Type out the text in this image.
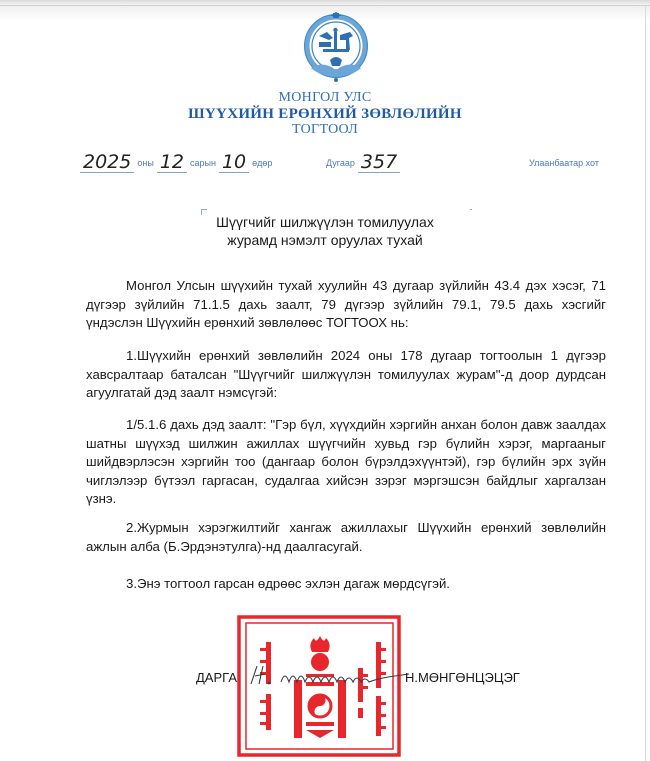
МОНГОЛ УЛС
ШҮҮХИЙН ЕРӨНХИЙ ЗӨВЛӨЛИЙН
ТОГТООЛ
2025 оны 12 сарын 10 өдөр	Дугаар 357	Улаанбаатар хот
Шүүгчийг шилжүүлэн томилуулах
журамд нэмэлт оруулах тухай

Монгол Улсын шүүхийн тухай хуулийн 43 дугаар зүйлийн 43.4 дэх хэсэг, 71 дүгээр зүйлийн 71.1.5 дахь заалт, 79 дүгээр зүйлийн 79.1, 79.5 дахь хэсгийг үндэслэн Шүүхийн ерөнхий зөвлөлөөс ТОГТООХ нь:

1.Шүүхийн ерөнхий зөвлөлийн 2024 оны 178 дугаар тогтоолын 1 дүгээр хавсралтаар баталсан "Шүүгчийг шилжүүлэн томилуулах журам"-д доор дурдсан агуулгатай дэд заалт нэмсүгэй:

1/5.1.6 дахь дэд заалт: "Гэр бүл, хүүхдийн хэргийн анхан болон давж заалдах шатны шүүхэд шилжин ажиллах шүүгчийн хувьд гэр бүлийн хэрэг, маргааныг шийдвэрлэсэн хэргийн тоо (дангаар болон бүрэлдэхүүнтэй), гэр бүлийн эрх зүйн чиглэлээр бүтээл гаргасан, судалгаа хийсэн зэрэг мэргэшсэн байдлыг харгалзан үзнэ.

2.Журмын хэрэгжилтийг хангаж ажиллахыг Шүүхийн ерөнхий зөвлөлийн ажлын алба (Б.Эрдэнэтулга)-нд даалгасугай.

3.Энэ тогтоол гарсан өдрөөс эхлэн дагаж мөрдсүгэй.

ДАРГА	Н.МӨНГӨНЦЭЦЭГ
